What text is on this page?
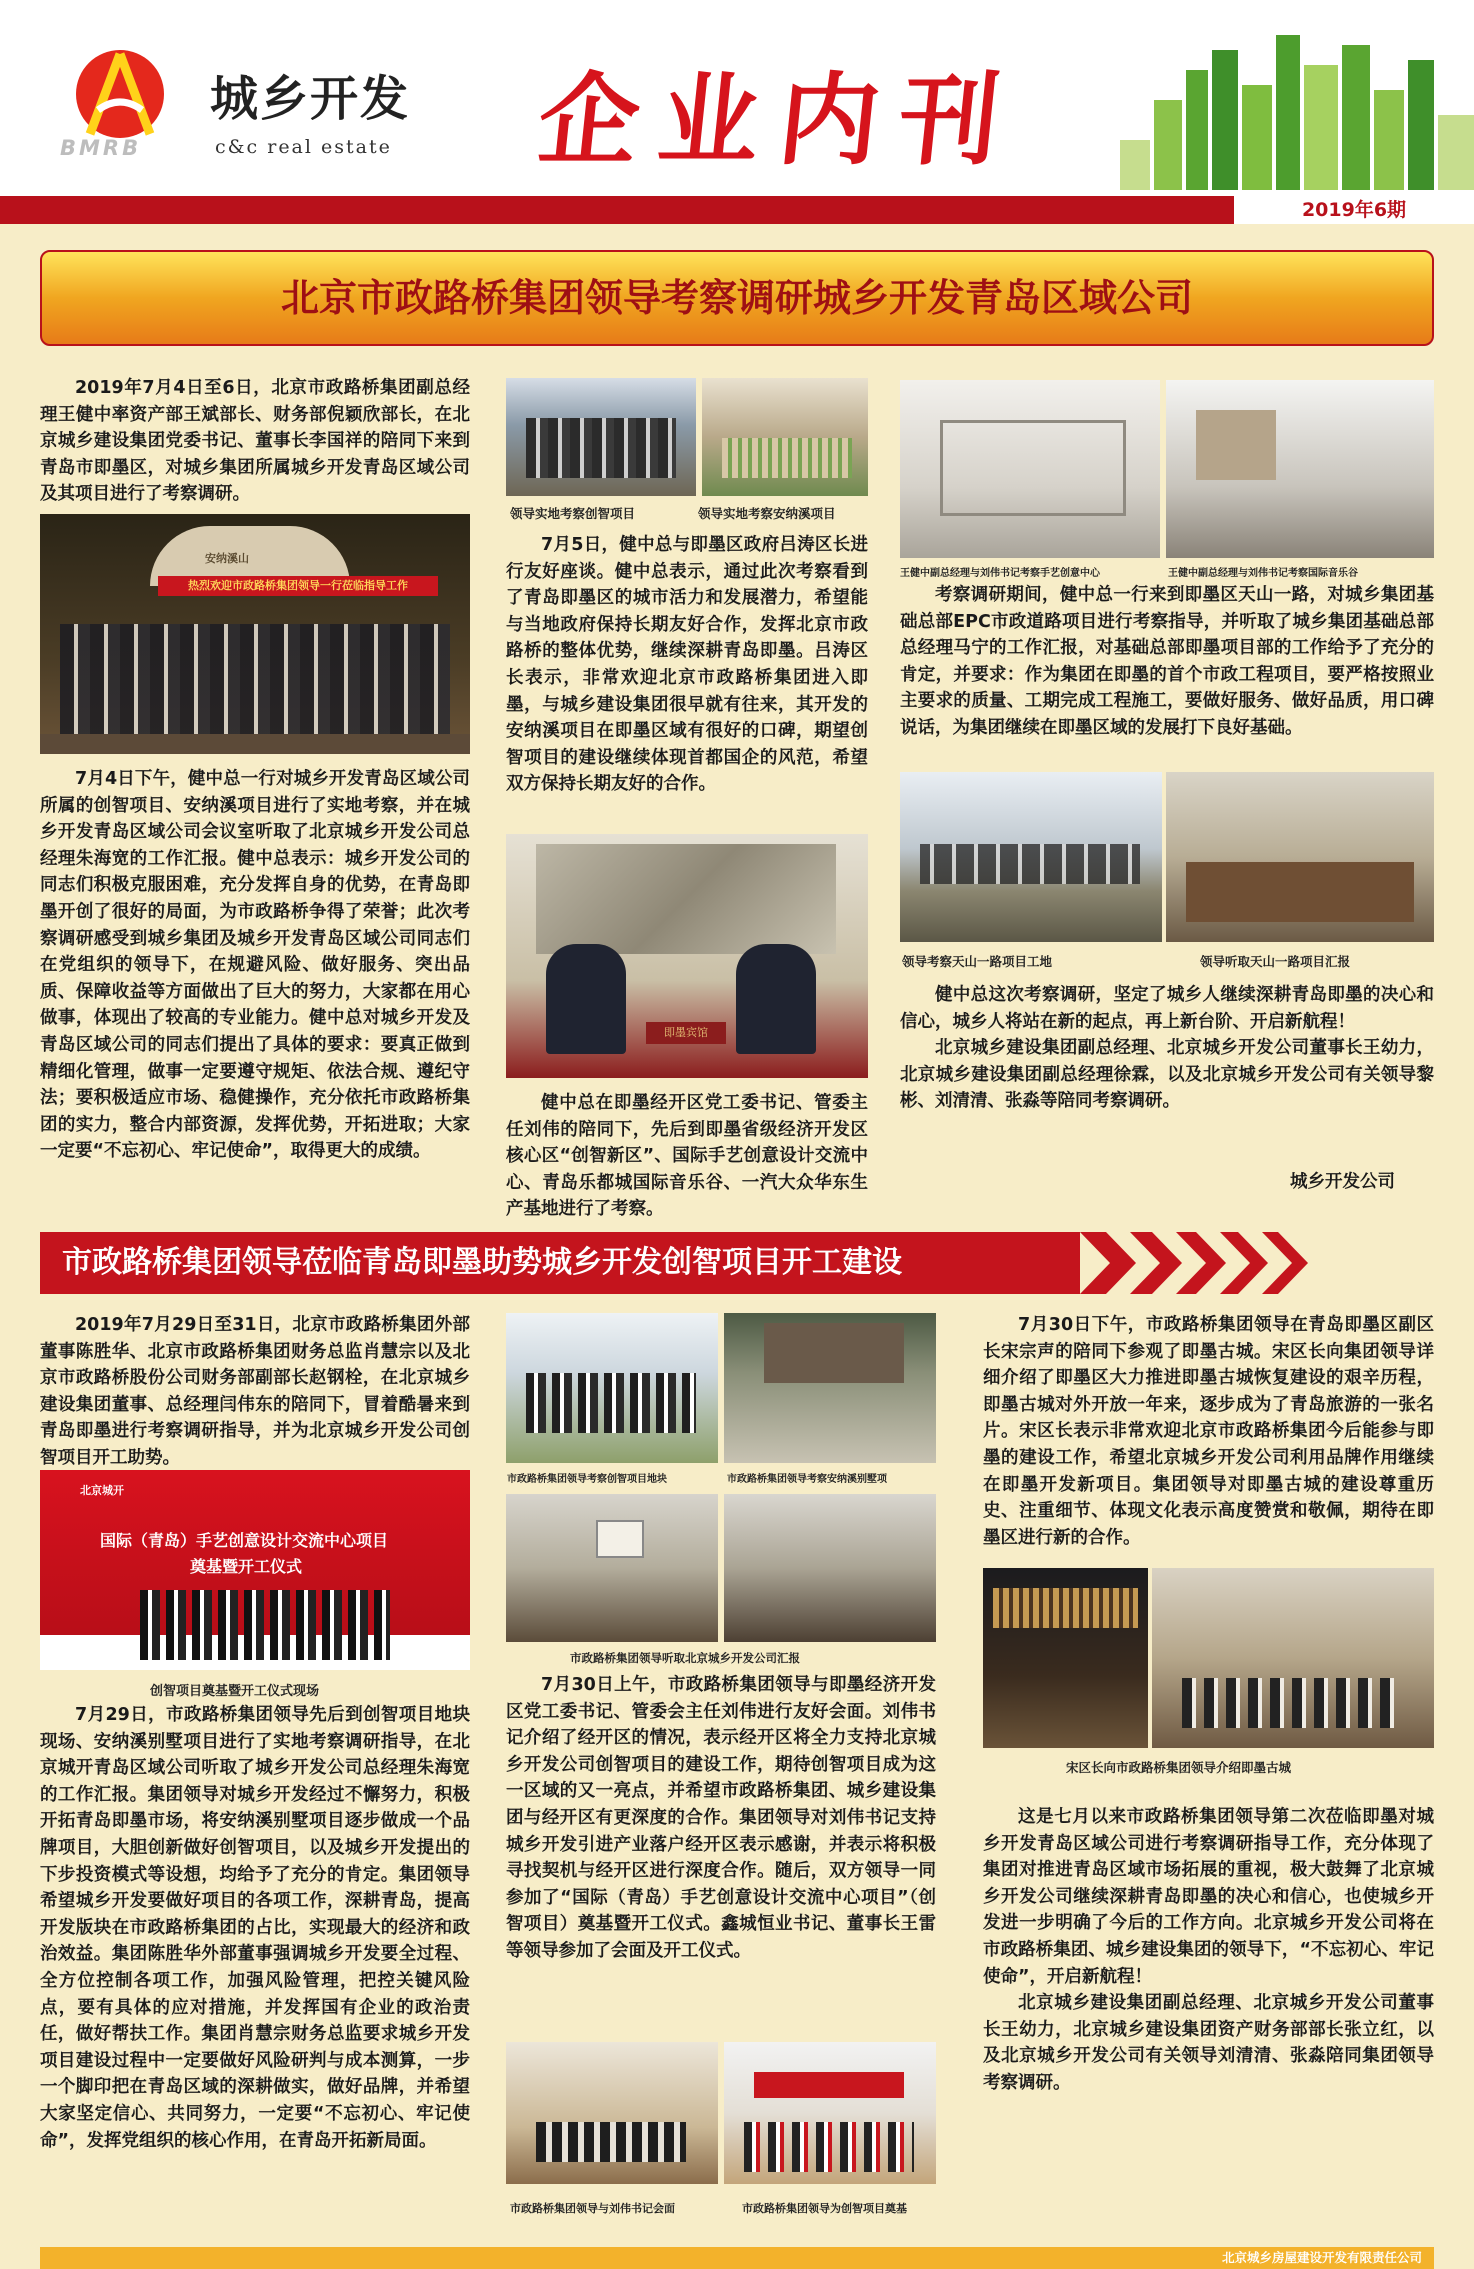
BMRB
城乡开发
c&c real estate 企业内刊
2019年6期
北京市政路桥集团领导考察调研城乡开发青岛区域公司

2019年7月4日至6日，北京市政路桥集团副总经理王健中率资产部王斌部长、财务部倪颖欣部长，在北京城乡建设集团党委书记、董事长李国祥的陪同下来到青岛市即墨区，对城乡集团所属城乡开发青岛区域公司及其项目进行了考察调研。

安纳溪山
热烈欢迎市政路桥集团领导一行莅临指导工作

7月4日下午，健中总一行对城乡开发青岛区域公司所属的创智项目、安纳溪项目进行了实地考察，并在城乡开发青岛区域公司会议室听取了北京城乡开发公司总经理朱海宽的工作汇报。健中总表示：城乡开发公司的同志们积极克服困难，充分发挥自身的优势，在青岛即墨开创了很好的局面，为市政路桥争得了荣誉；此次考察调研感受到城乡集团及城乡开发青岛区域公司同志们在党组织的领导下，在规避风险、做好服务、突出品质、保障收益等方面做出了巨大的努力，大家都在用心做事，体现出了较高的专业能力。健中总对城乡开发及青岛区域公司的同志们提出了具体的要求：要真正做到精细化管理，做事一定要遵守规矩、依法合规、遵纪守法；要积极适应市场、稳健操作，充分依托市政路桥集团的实力，整合内部资源，发挥优势，开拓进取；大家一定要“不忘初心、牢记使命”，取得更大的成绩。

领导实地考察创智项目	领导实地考察安纳溪项目

7月5日，健中总与即墨区政府吕涛区长进行友好座谈。健中总表示，通过此次考察看到了青岛即墨区的城市活力和发展潜力，希望能与当地政府保持长期友好合作，发挥北京市政路桥的整体优势，继续深耕青岛即墨。吕涛区长表示，非常欢迎北京市政路桥集团进入即墨，与城乡建设集团很早就有往来，其开发的安纳溪项目在即墨区域有很好的口碑，期望创智项目的建设继续体现首都国企的风范，希望双方保持长期友好的合作。

即墨宾馆

健中总在即墨经开区党工委书记、管委主任刘伟的陪同下，先后到即墨省级经济开发区核心区“创智新区”、国际手艺创意设计交流中心、青岛乐都城国际音乐谷、一汽大众华东生产基地进行了考察。

王健中副总经理与刘伟书记考察手艺创意中心	王健中副总经理与刘伟书记考察国际音乐谷

考察调研期间，健中总一行来到即墨区天山一路，对城乡集团基础总部EPC市政道路项目进行考察指导，并听取了城乡集团基础总部总经理马宁的工作汇报，对基础总部即墨项目部的工作给予了充分的肯定，并要求：作为集团在即墨的首个市政工程项目，要严格按照业主要求的质量、工期完成工程施工，要做好服务、做好品质，用口碑说话，为集团继续在即墨区域的发展打下良好基础。

领导考察天山一路项目工地	领导听取天山一路项目汇报

健中总这次考察调研，坚定了城乡人继续深耕青岛即墨的决心和信心，城乡人将站在新的起点，再上新台阶、开启新航程！

北京城乡建设集团副总经理、北京城乡开发公司董事长王幼力，北京城乡建设集团副总经理徐霖，以及北京城乡开发公司有关领导黎彬、刘清清、张淼等陪同考察调研。

城乡开发公司
市政路桥集团领导莅临青岛即墨助势城乡开发创智项目开工建设

2019年7月29日至31日，北京市政路桥集团外部董事陈胜华、北京市政路桥集团财务总监肖慧宗以及北京市政路桥股份公司财务部副部长赵钢栓，在北京城乡建设集团董事、总经理闫伟东的陪同下，冒着酷暑来到青岛即墨进行考察调研指导，并为北京城乡开发公司创智项目开工助势。

北京城开
国际（青岛）手艺创意设计交流中心项目
奠基暨开工仪式
创智项目奠基暨开工仪式现场

7月29日，市政路桥集团领导先后到创智项目地块现场、安纳溪别墅项目进行了实地考察调研指导，在北京城开青岛区域公司听取了城乡开发公司总经理朱海宽的工作汇报。集团领导对城乡开发经过不懈努力，积极开拓青岛即墨市场，将安纳溪别墅项目逐步做成一个品牌项目，大胆创新做好创智项目，以及城乡开发提出的下步投资模式等设想，均给予了充分的肯定。集团领导希望城乡开发要做好项目的各项工作，深耕青岛，提高开发版块在市政路桥集团的占比，实现最大的经济和政治效益。集团陈胜华外部董事强调城乡开发要全过程、全方位控制各项工作，加强风险管理，把控关键风险点，要有具体的应对措施，并发挥国有企业的政治责任，做好帮扶工作。集团肖慧宗财务总监要求城乡开发项目建设过程中一定要做好风险研判与成本测算，一步一个脚印把在青岛区域的深耕做实，做好品牌，并希望大家坚定信心、共同努力，一定要“不忘初心、牢记使命”，发挥党组织的核心作用，在青岛开拓新局面。

市政路桥集团领导考察创智项目地块	市政路桥集团领导考察安纳溪别墅项
市政路桥集团领导听取北京城乡开发公司汇报

7月30日上午，市政路桥集团领导与即墨经济开发区党工委书记、管委会主任刘伟进行友好会面。刘伟书记介绍了经开区的情况，表示经开区将全力支持北京城乡开发公司创智项目的建设工作，期待创智项目成为这一区域的又一亮点，并希望市政路桥集团、城乡建设集团与经开区有更深度的合作。集团领导对刘伟书记支持城乡开发引进产业落户经开区表示感谢，并表示将积极寻找契机与经开区进行深度合作。随后，双方领导一同参加了“国际（青岛）手艺创意设计交流中心项目”（创智项目）奠基暨开工仪式。鑫城恒业书记、董事长王雷等领导参加了会面及开工仪式。

市政路桥集团领导与刘伟书记会面	市政路桥集团领导为创智项目奠基

7月30日下午，市政路桥集团领导在青岛即墨区副区长宋宗声的陪同下参观了即墨古城。宋区长向集团领导详细介绍了即墨区大力推进即墨古城恢复建设的艰辛历程，即墨古城对外开放一年来，逐步成为了青岛旅游的一张名片。宋区长表示非常欢迎北京市政路桥集团今后能参与即墨的建设工作，希望北京城乡开发公司利用品牌作用继续在即墨开发新项目。集团领导对即墨古城的建设尊重历史、注重细节、体现文化表示高度赞赏和敬佩，期待在即墨区进行新的合作。

宋区长向市政路桥集团领导介绍即墨古城

这是七月以来市政路桥集团领导第二次莅临即墨对城乡开发青岛区域公司进行考察调研指导工作，充分体现了集团对推进青岛区域市场拓展的重视，极大鼓舞了北京城乡开发公司继续深耕青岛即墨的决心和信心，也使城乡开发进一步明确了今后的工作方向。北京城乡开发公司将在市政路桥集团、城乡建设集团的领导下，“不忘初心、牢记使命”，开启新航程！

北京城乡建设集团副总经理、北京城乡开发公司董事长王幼力，北京城乡建设集团资产财务部部长张立红，以及北京城乡开发公司有关领导刘清清、张淼陪同集团领导考察调研。

北京城乡房屋建设开发有限责任公司
